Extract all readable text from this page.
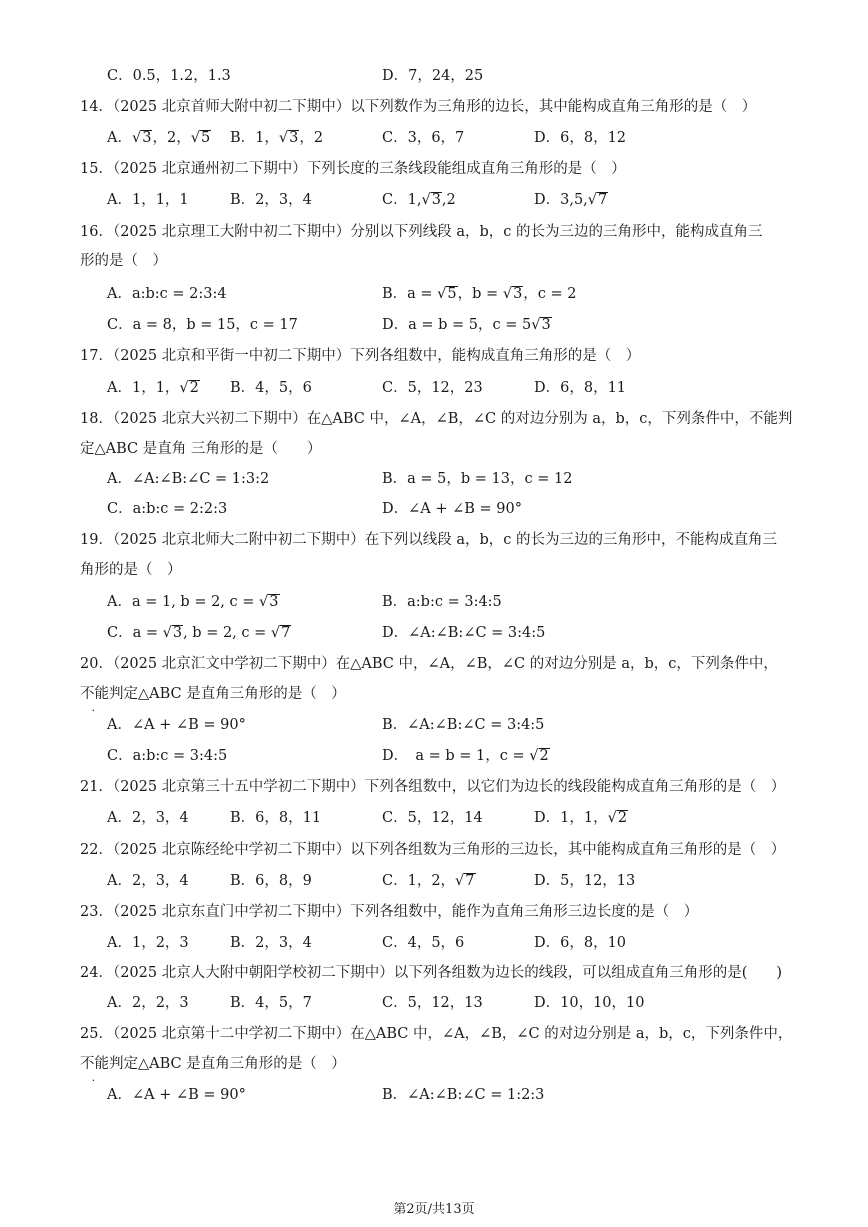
C．0.5，1.2，1.3	D．7，24，25
14．（2025 北京首师大附中初二下期中）以下列数作为三角形的边长，其中能构成直角三角形的是（　）
A．√3，2，√5 B．1，√3，2	C．3，6，7	D．6，8，12
15．（2025 北京通州初二下期中）下列长度的三条线段能组成直角三角形的是（　）
A．1，1，1	B．2，3，4	C．1,√3,2	D．3,5,√7
16．（2025 北京理工大附中初二下期中）分别以下列线段 a，b，c 的长为三边的三角形中，能构成直角三
形的是（　）
A．a:b:c = 2:3:4	B．a = √5，b = √3，c = 2
C．a = 8，b = 15，c = 17	D．a = b = 5，c = 5√3
17．（2025 北京和平街一中初二下期中）下列各组数中，能构成直角三角形的是（　）
A．1，1，√2 B．4，5，6	C．5，12，23	D．6，8，11
18．（2025 北京大兴初二下期中）在△ABC 中，∠A，∠B，∠C 的对边分别为 a，b，c，下列条件中，不能判
定△ABC 是直角 三角形的是（　　）
A．∠A:∠B:∠C = 1:3:2	B．a = 5，b = 13，c = 12
C．a:b:c = 2:2:3	D．∠A + ∠B = 90°
19．（2025 北京北师大二附中初二下期中）在下列以线段 a，b，c 的长为三边的三角形中，不能构成直角三
角形的是（　）
A．a = 1, b = 2, c = √3	B．a:b:c = 3:4:5
C．a = √3, b = 2, c = √7	D．∠A:∠B:∠C = 3:4:5
20．（2025 北京汇文中学初二下期中）在△ABC 中，∠A，∠B，∠C 的对边分别是 a，b，c，下列条件中，
不能判定△ABC 是直角三角形的是（　）
A．∠A + ∠B = 90°	B．∠A:∠B:∠C = 3:4:5
C．a:b:c = 3:4:5	D．　a = b = 1，c = √2
21．（2025 北京第三十五中学初二下期中）下列各组数中，以它们为边长的线段能构成直角三角形的是（　）
A．2，3，4	B．6，8，11	C．5，12，14	D．1，1，√2
22．（2025 北京陈经纶中学初二下期中）以下列各组数为三角形的三边长，其中能构成直角三角形的是（　）
A．2，3，4	B．6，8，9	C．1，2，√7	D．5，12，13
23．（2025 北京东直门中学初二下期中）下列各组数中，能作为直角三角形三边长度的是（　）
A．1，2，3	B．2，3，4	C．4，5，6	D．6，8，10
24．（2025 北京人大附中朝阳学校初二下期中）以下列各组数为边长的线段，可以组成直角三角形的是(　　)
A．2，2，3	B．4，5，7	C．5，12，13	D．10，10，10
25．（2025 北京第十二中学初二下期中）在△ABC 中，∠A，∠B，∠C 的对边分别是 a，b，c，下列条件中，
不能判定△ABC 是直角三角形的是（　）
A．∠A + ∠B = 90°	B．∠A:∠B:∠C = 1:2:3
第2页/共13页
